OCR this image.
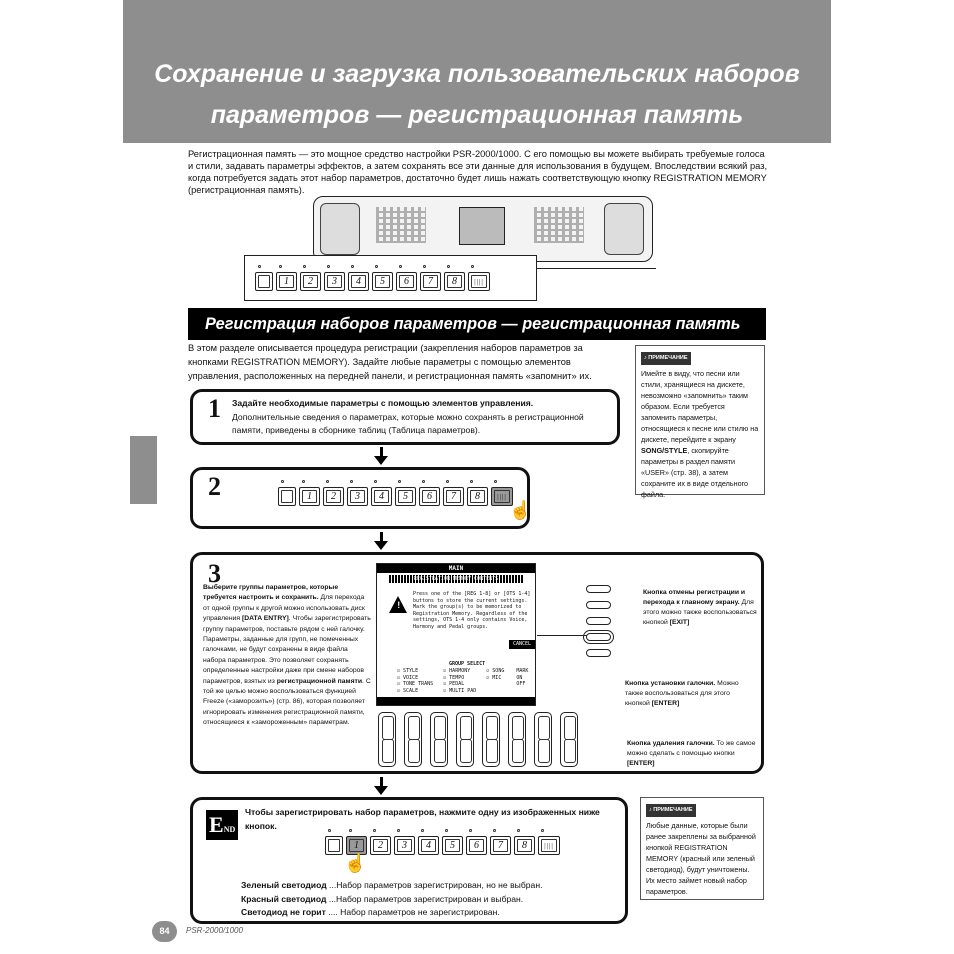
Сохранение и загрузка пользовательских наборов
параметров — регистрационная память
Регистрационная память — это мощное средство настройки PSR-2000/1000. С его помощью вы можете выбирать требуемые голоса и стили, задавать параметры эффектов, а затем сохранять все эти данные для использования в будущем. Впоследствии всякий раз, когда потребуется задать этот набор параметров, достаточно будет лишь нажать соответствующую кнопку REGISTRATION MEMORY (регистрационная память).
1 2 3 4 5 6 7 8 ||||
Регистрация наборов параметров — регистрационная память
В этом разделе описывается процедура регистрации (закрепления наборов параметров за кнопками REGISTRATION MEMORY). Задайте любые параметры с помощью элементов управления, расположенных на передней панели, и регистрационная память «запомнит» их.
♪ ПРИМЕЧАНИЕ
Имейте в виду, что песни или стили, хранящиеся на дискете, невозможно «запомнить» таким образом. Если требуется запомнить параметры, относящиеся к песне или стилю на дискете, перейдите к экрану SONG/STYLE, скопируйте параметры в раздел памяти «USER» (стр. 38), а затем сохраните их в виде отдельного файла.
1 Задайте необходимые параметры с помощью элементов управления.
Дополнительные сведения о параметрах, которые можно сохранять в регистрационной памяти, приведены в сборнике таблиц (Таблица параметров).
2	1 2 3 4 5 6 7 8 ||||
☝
3
Выберите группы параметров, которые требуется настроить и сохранить. Для перехода от одной группы к другой можно использовать диск управления [DATA ENTRY]. Чтобы зарегистрировать группу параметров, поставьте рядом с ней галочку. Параметры, заданные для групп, не помеченных галочками, не будут сохранены в виде файла набора параметров. Это позволяет сохранять определенные настройки даже при смене наборов параметров, взятых из регистрационной памяти. С той же целью можно воспользоваться функцией Freeze («заморозить») (стр. 86), которая позволяет игнорировать изменения регистрационной памяти, относящиеся к «замороженным» параметрам.
Кнопка отмены регистрации и перехода к главному экрану. Для этого можно также воспользоваться кнопкой [EXIT]
Кнопка установки галочки. Можно также воспользоваться для этого кнопкой [ENTER]
Кнопка удаления галочки. То же самое можно сделать с помощью кнопки [ENTER]
MAIN
REGISTRATION MEMORY CONTENTS
!
Press one of the [REG 1-8] or [OTS 1-4] buttons to store the current settings. Mark the group(s) to be memorized to Registration Memory. Regardless of the settings, OTS 1-4 only contains Voice, Harmony and Pedal groups.
CANCEL
GROUP SELECT
☑ STYLE
☑ VOICE
☑ TONE TRANS
☑ SCALE
☑ HARMONY
☑ TEMPO
☑ PEDAL
☑ MULTI PAD
☑ SONG
☑ MIC
MARK
ON
OFF
END
Чтобы зарегистрировать набор параметров, нажмите одну из изображенных ниже кнопок.
1 2 3 4 5 6 7 8 ||||
☝
Зеленый светодиод ...Набор параметров зарегистрирован, но не выбран.
Красный светодиод ...Набор параметров зарегистрирован и выбран.
Светодиод не горит .... Набор параметров не зарегистрирован.
♪ ПРИМЕЧАНИЕ
Любые данные, которые были ранее закреплены за выбранной кнопкой REGISTRATION MEMORY (красный или зеленый светодиод), будут уничтожены. Их место займет новый набор параметров.
84	PSR-2000/1000
